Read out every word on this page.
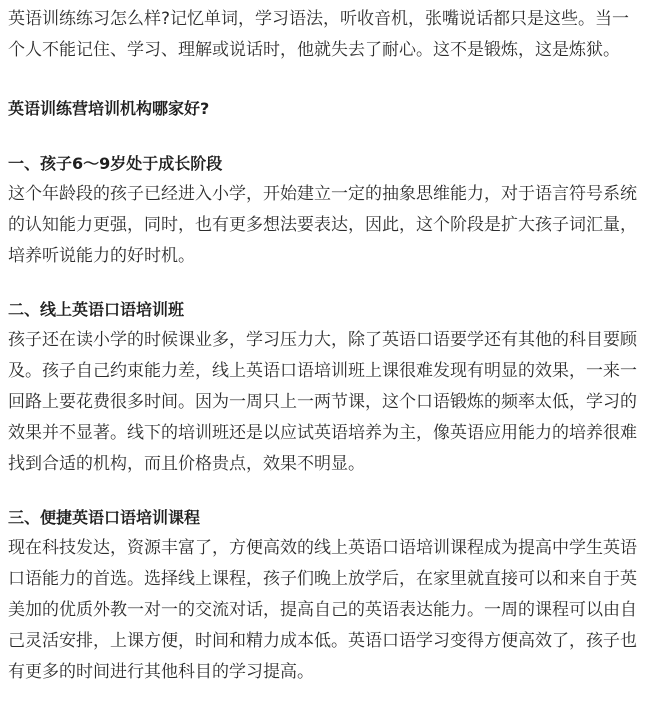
英语训练练习怎么样?记忆单词，学习语法，听收音机，张嘴说话都只是这些。当一个人不能记住、学习、理解或说话时，他就失去了耐心。这不是锻炼，这是炼狱。

英语训练营培训机构哪家好?

一、孩子6～9岁处于成长阶段

这个年龄段的孩子已经进入小学，开始建立一定的抽象思维能力，对于语言符号系统的认知能力更强，同时，也有更多想法要表达，因此，这个阶段是扩大孩子词汇量，培养听说能力的好时机。

二、线上英语口语培训班

孩子还在读小学的时候课业多，学习压力大，除了英语口语要学还有其他的科目要顾及。孩子自己约束能力差，线上英语口语培训班上课很难发现有明显的效果，一来一回路上要花费很多时间。因为一周只上一两节课，这个口语锻炼的频率太低，学习的效果并不显著。线下的培训班还是以应试英语培养为主，像英语应用能力的培养很难找到合适的机构，而且价格贵点，效果不明显。

三、便捷英语口语培训课程

现在科技发达，资源丰富了，方便高效的线上英语口语培训课程成为提高中学生英语口语能力的首选。选择线上课程，孩子们晚上放学后，在家里就直接可以和来自于英美加的优质外教一对一的交流对话，提高自己的英语表达能力。一周的课程可以由自己灵活安排，上课方便，时间和精力成本低。英语口语学习变得方便高效了，孩子也有更多的时间进行其他科目的学习提高。
